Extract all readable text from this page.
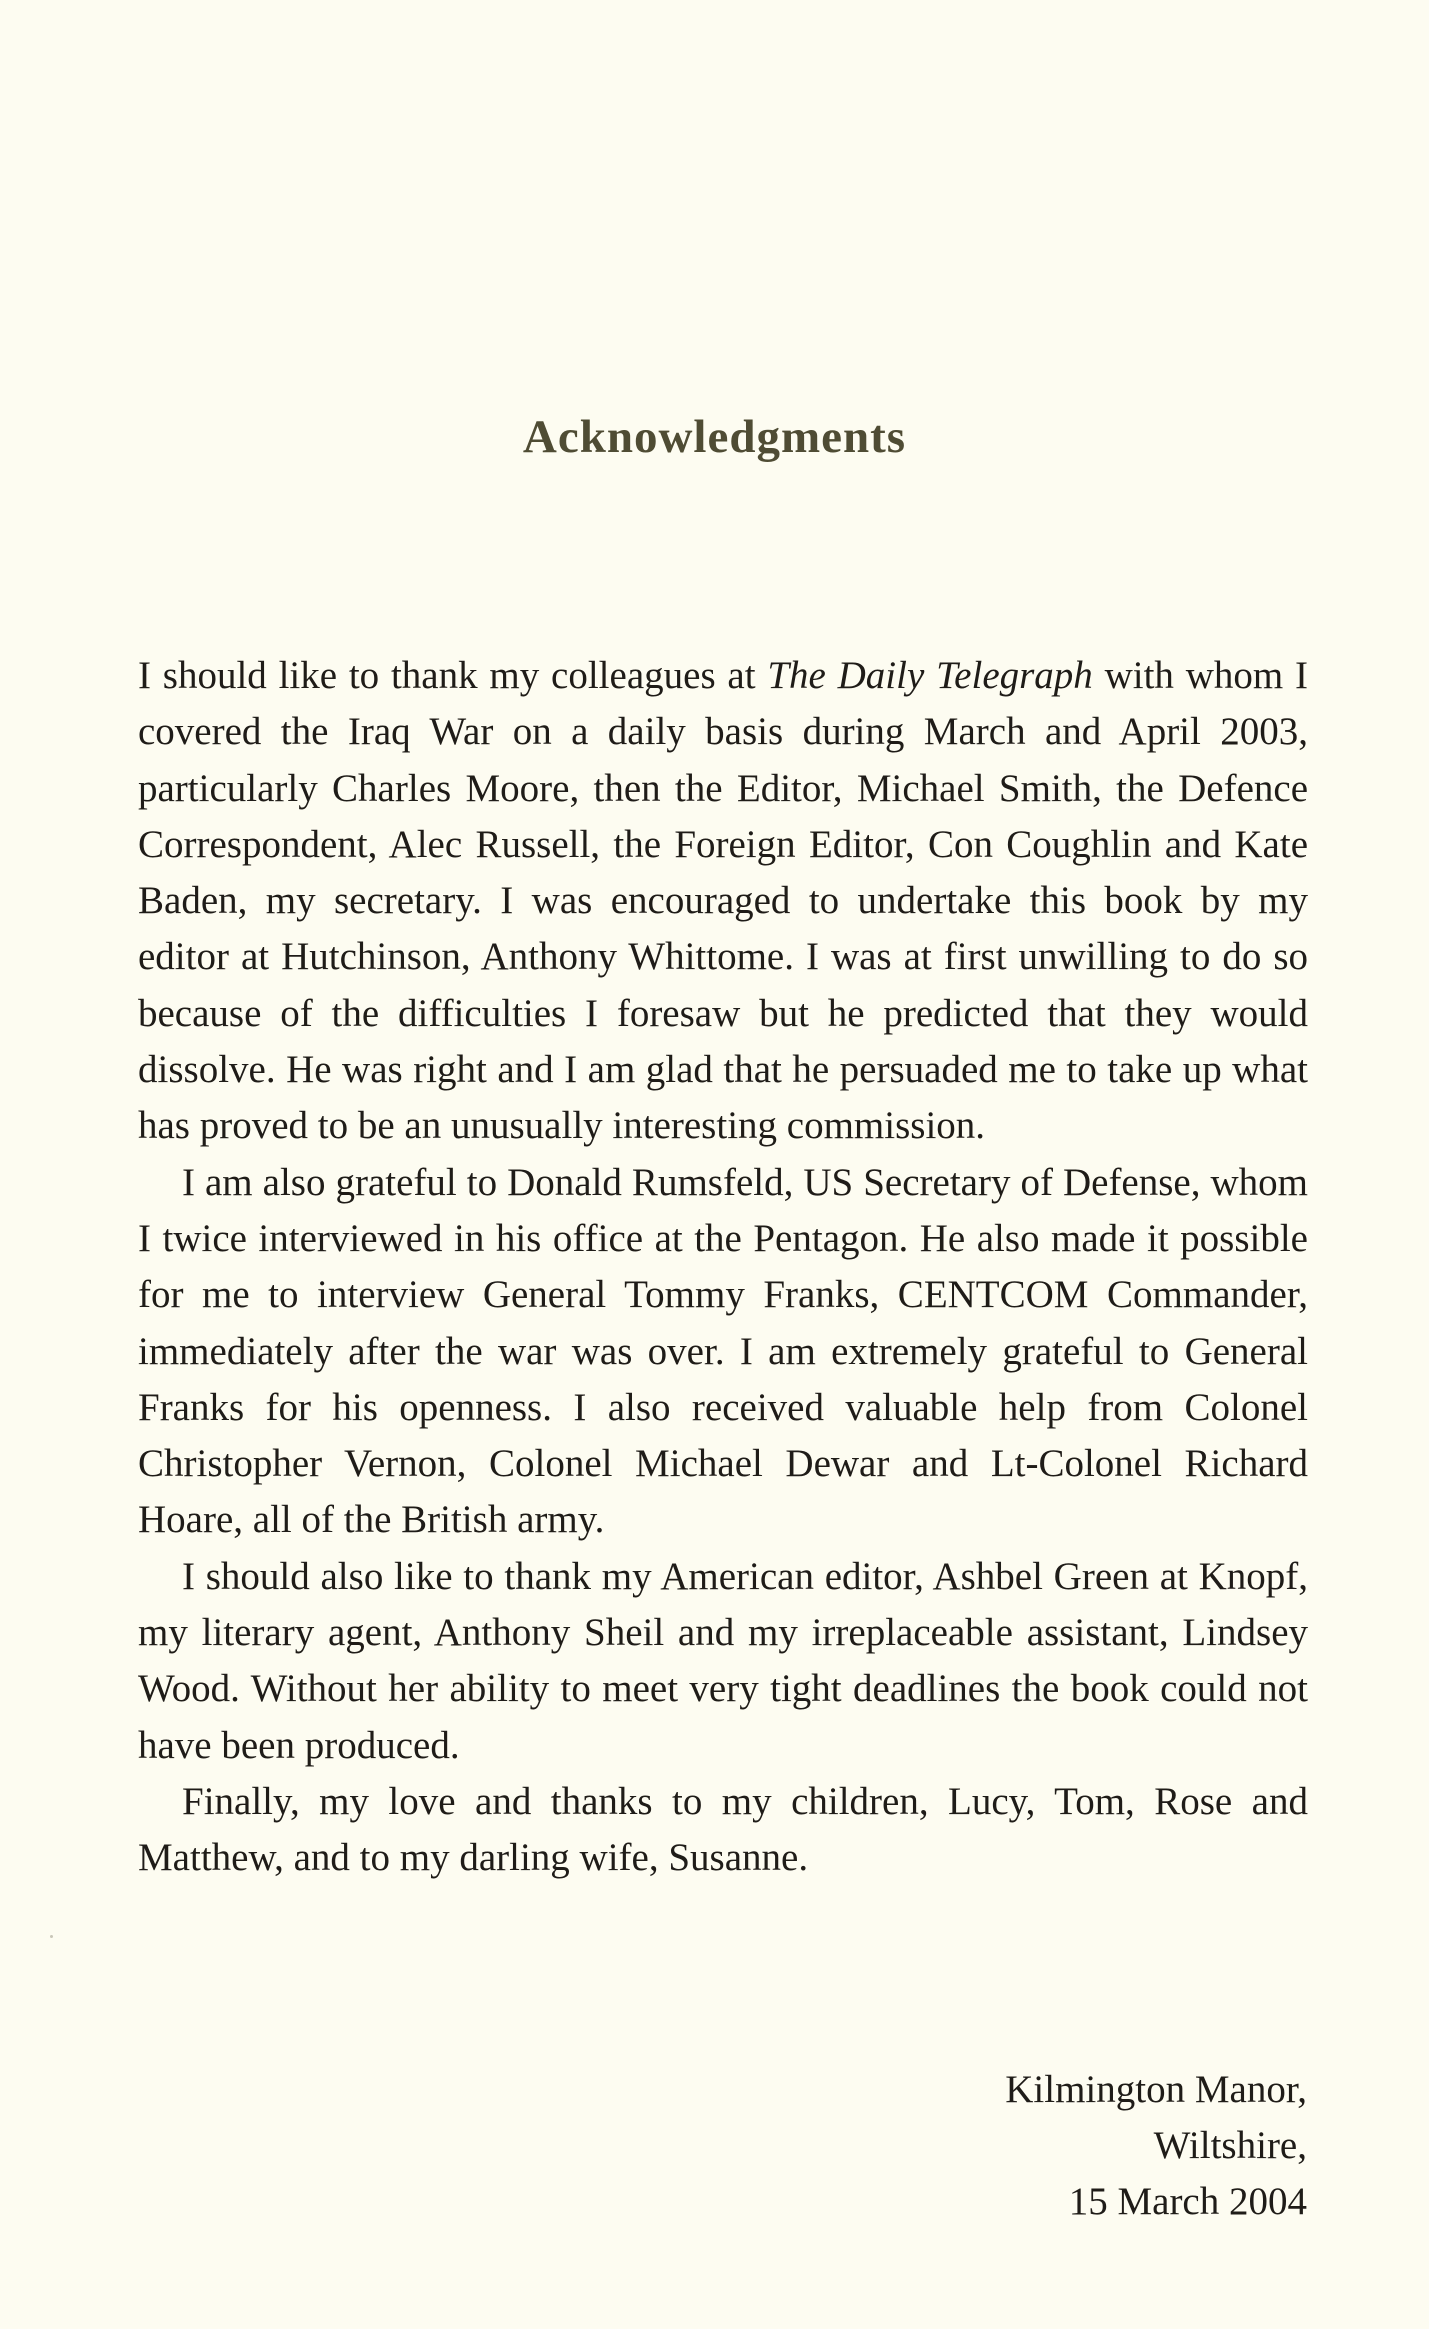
Acknowledgments

I should like to thank my colleagues at The Daily Telegraph with whom I covered the Iraq War on a daily basis during March and April 2003, particularly Charles Moore, then the Editor, Michael Smith, the Defence Correspondent, Alec Russell, the Foreign Editor, Con Coughlin and Kate Baden, my secretary. I was encouraged to undertake this book by my editor at Hutchinson, Anthony Whittome. I was at first unwilling to do so because of the difficulties I foresaw but he predicted that they would dissolve. He was right and I am glad that he persuaded me to take up what has proved to be an unusually interesting commission.

I am also grateful to Donald Rumsfeld, US Secretary of Defense, whom I twice interviewed in his office at the Pentagon. He also made it possible for me to interview General Tommy Franks, CENTCOM Commander, immediately after the war was over. I am extremely grateful to General Franks for his openness. I also received valuable help from Colonel Christopher Vernon, Colonel Michael Dewar and Lt-Colonel Richard Hoare, all of the British army.

I should also like to thank my American editor, Ashbel Green at Knopf, my literary agent, Anthony Sheil and my irreplaceable assistant, Lindsey Wood. Without her ability to meet very tight deadlines the book could not have been produced.

Finally, my love and thanks to my children, Lucy, Tom, Rose and Matthew, and to my darling wife, Susanne.

Kilmington Manor,
Wiltshire,
15 March 2004
